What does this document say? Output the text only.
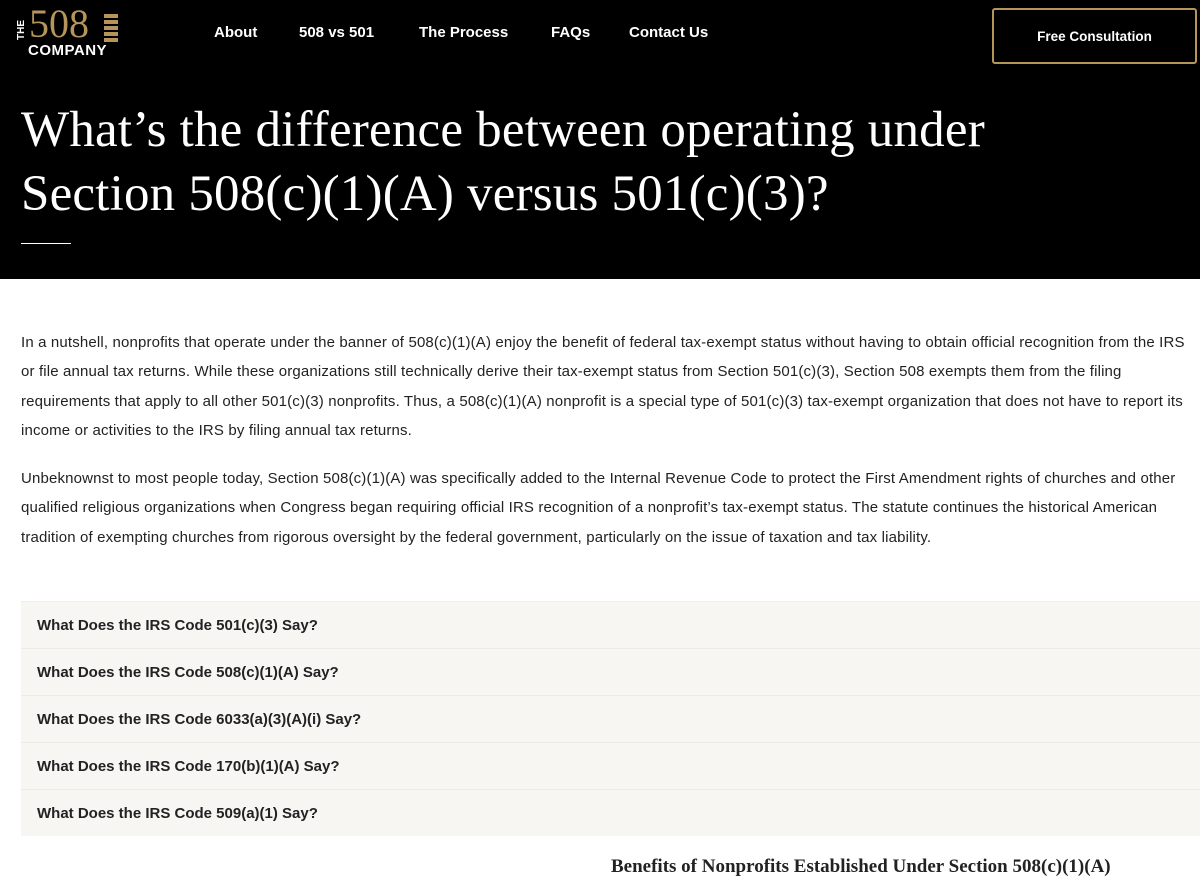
THE 508
COMPANY
About	508 vs 501	The Process	FAQs	Contact Us	Free Consultation
What’s the difference between operating under
Section 508(c)(1)(A) versus 501(c)(3)?

In a nutshell, nonprofits that operate under the banner of 508(c)(1)(A) enjoy the benefit of federal tax-exempt status without having to obtain official recognition from the IRS or file annual tax returns. While these organizations still technically derive their tax-exempt status from Section 501(c)(3), Section 508 exempts them from the filing requirements that apply to all other 501(c)(3) nonprofits. Thus, a 508(c)(1)(A) nonprofit is a special type of 501(c)(3) tax-exempt organization that does not have to report its income or activities to the IRS by filing annual tax returns.

Unbeknownst to most people today, Section 508(c)(1)(A) was specifically added to the Internal Revenue Code to protect the First Amendment rights of churches and other qualified religious organizations when Congress began requiring official IRS recognition of a nonprofit’s tax-exempt status. The statute continues the historical American tradition of exempting churches from rigorous oversight by the federal government, particularly on the issue of taxation and tax liability.

What Does the IRS Code 501(c)(3) Say?
What Does the IRS Code 508(c)(1)(A) Say?
What Does the IRS Code 6033(a)(3)(A)(i) Say?
What Does the IRS Code 170(b)(1)(A) Say?
What Does the IRS Code 509(a)(1) Say?
Benefits of Nonprofits Established Under Section 508(c)(1)(A)
